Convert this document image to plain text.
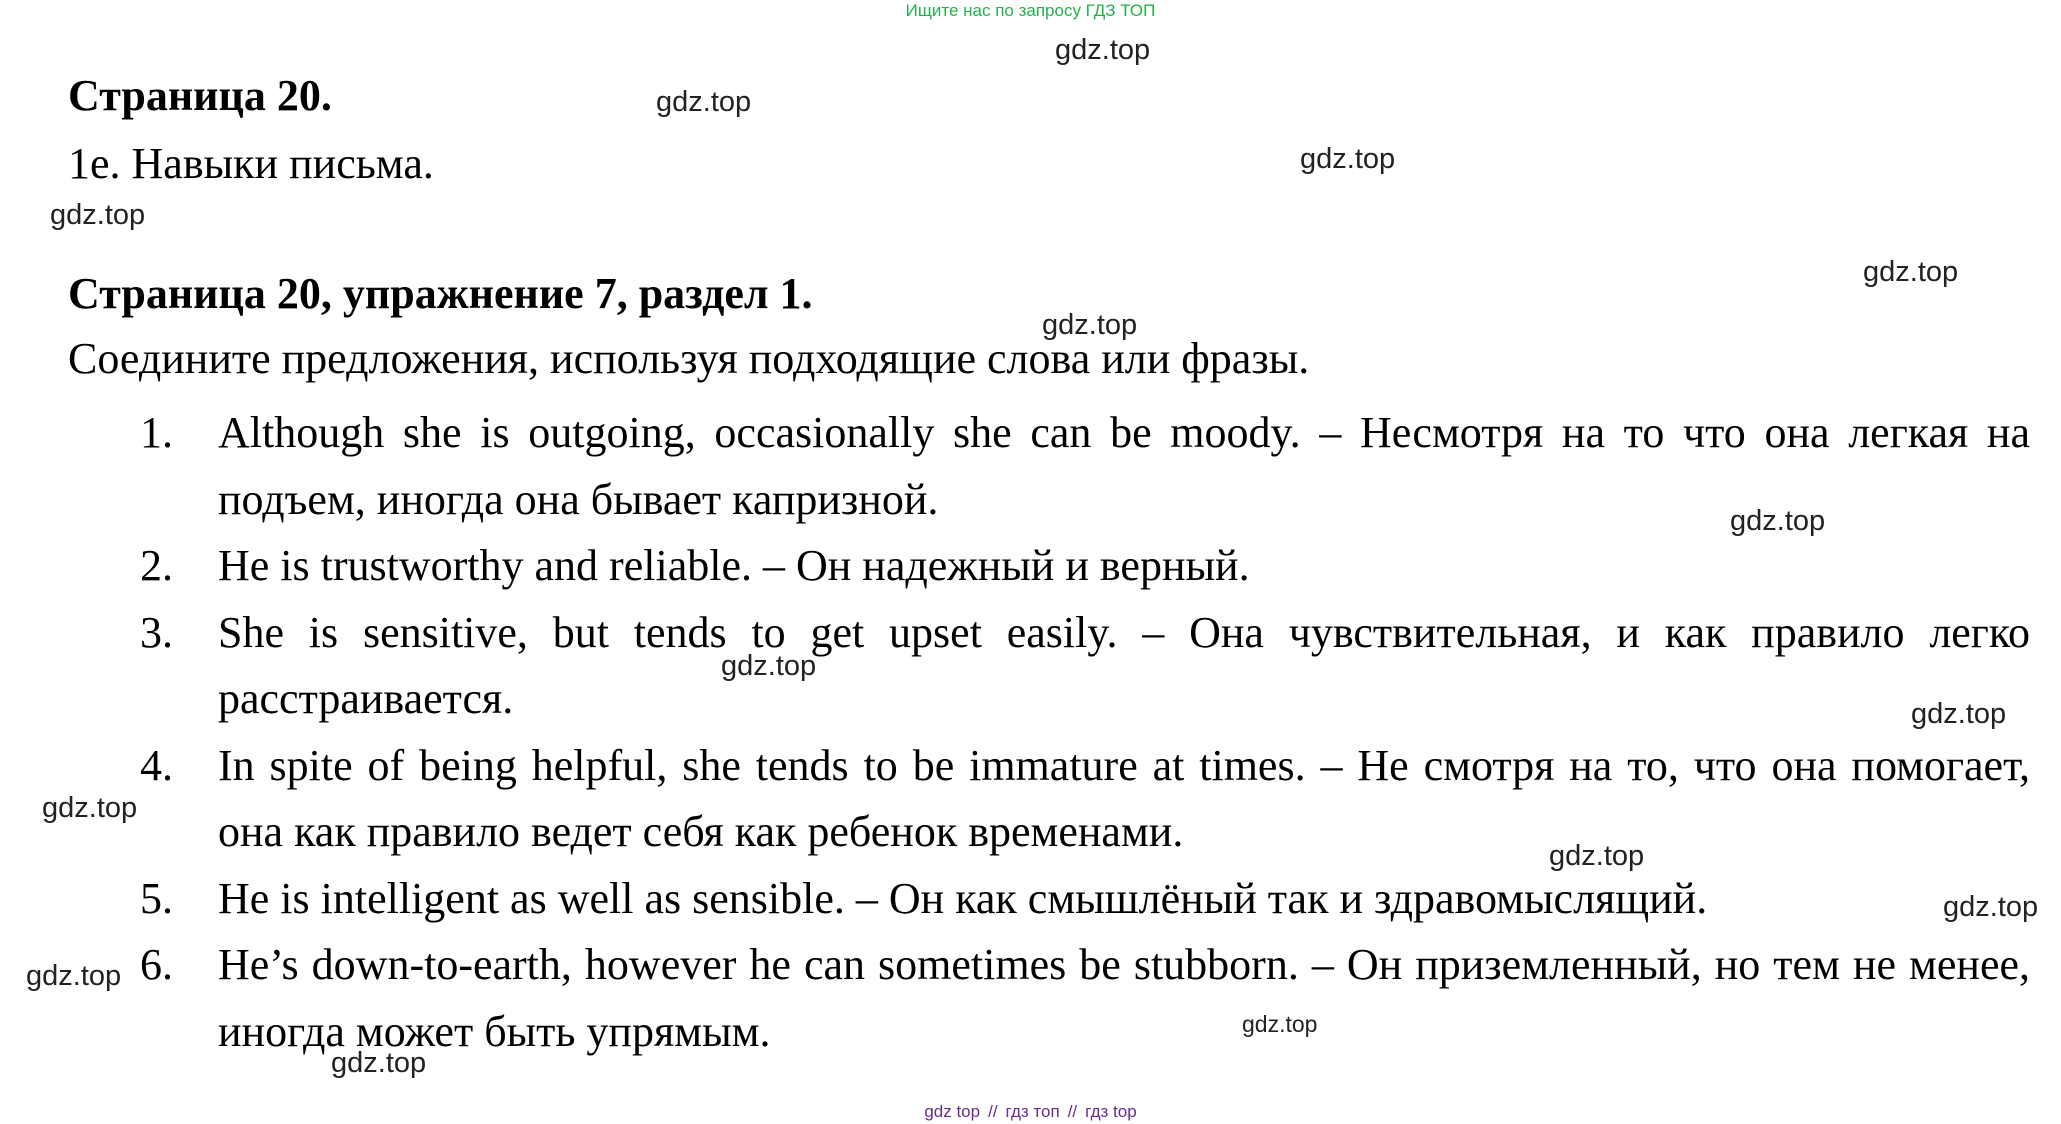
Ищите нас по запросу ГДЗ ТОП
Страница 20.
1e. Навыки письма.
Страница 20, упражнение 7, раздел 1.
Соедините предложения, используя подходящие слова или фразы.
1. Although she is outgoing, occasionally she can be moody. – Несмотря на то что она легкая на подъем, иногда она бывает капризной.
2. He is trustworthy and reliable. – Он надежный и верный.
3. She is sensitive, but tends to get upset easily. – Она чувствительная, и как правило легко расстраивается.
4. In spite of being helpful, she tends to be immature at times. – Не смотря на то, что она помогает, она как правило ведет себя как ребенок временами.
5. He is intelligent as well as sensible. – Он как смышлёный так и здравомыслящий.
6. He’s down-to-earth, however he can sometimes be stubborn. – Он приземленный, но тем не менее, иногда может быть упрямым.
gdz.top
gdz.top
gdz.top
gdz.top
gdz.top
gdz.top
gdz.top
gdz.top
gdz.top
gdz.top
gdz.top
gdz.top
gdz.top
gdz.top
gdz.top
gdz top // гдз топ // гдз top
